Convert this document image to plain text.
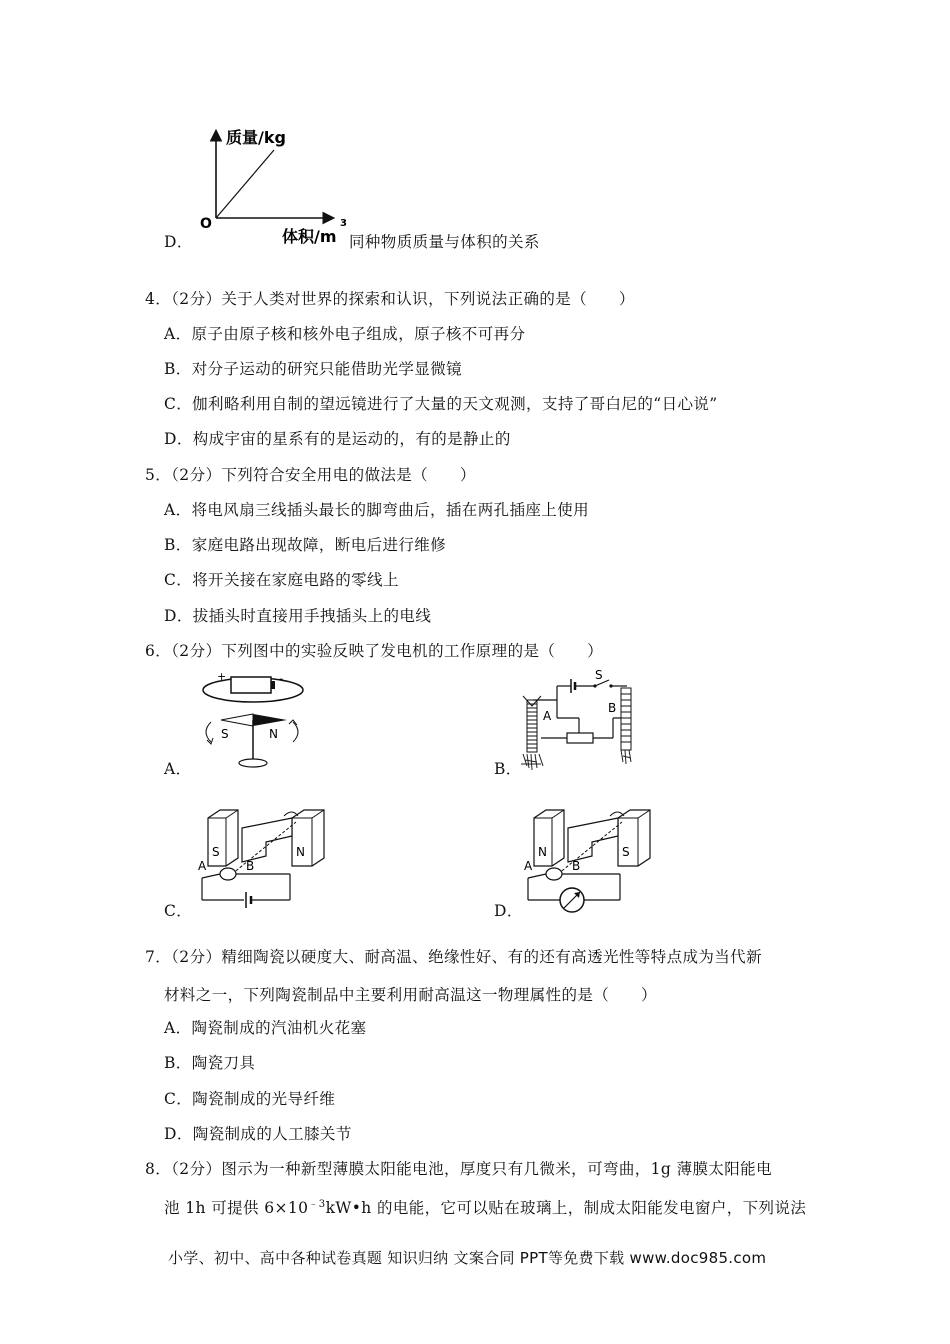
质量/kg
O
体积/m
3
D．	同种物质质量与体积的关系
4．（2分）关于人类对世界的探索和认识，下列说法正确的是（　　）
A．原子由原子核和核外电子组成，原子核不可再分
B．对分子运动的研究只能借助光学显微镜
C．伽利略利用自制的望远镜进行了大量的天文观测，支持了哥白尼的“日心说”
D．构成宇宙的星系有的是运动的，有的是静止的
5．（2分）下列符合安全用电的做法是（　　）
A．将电风扇三线插头最长的脚弯曲后，插在两孔插座上使用
B．家庭电路出现故障，断电后进行维修
C．将开关接在家庭电路的零线上
D．拔插头时直接用手拽插头上的电线
6．（2分）下列图中的实验反映了发电机的工作原理的是（　　）
+	-
S	N
A．
S
A
B
B．
S	N
A	B
C．
N	S
A	B
D．
7．（2分）精细陶瓷以硬度大、耐高温、绝缘性好、有的还有高透光性等特点成为当代新
材料之一，下列陶瓷制品中主要利用耐高温这一物理属性的是（　　）
A．陶瓷制成的汽油机火花塞
B．陶瓷刀具
C．陶瓷制成的光导纤维
D．陶瓷制成的人工膝关节
8．（2分）图示为一种新型薄膜太阳能电池，厚度只有几微米，可弯曲，1g 薄膜太阳能电
池 1h 可提供 $6\times 10^{﹣3}kW•h$ 的电能，它可以贴在玻璃上，制成太阳能发电窗户，下列说法
小学、初中、高中各种试卷真题 知识归纳 文案合同 PPT等免费下载 www.doc985.com
